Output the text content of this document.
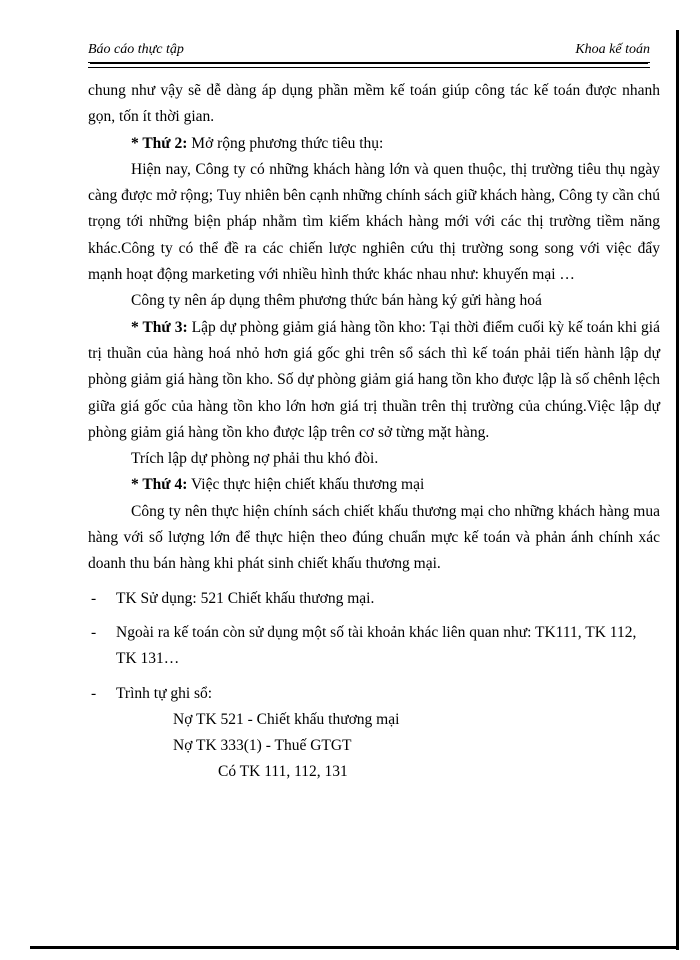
Báo cáo thực tập	Khoa kế toán

chung như vậy sẽ dễ dàng áp dụng phần mềm kế toán giúp công tác kế toán được nhanh gọn, tốn ít thời gian.

* Thứ 2: Mở rộng phương thức tiêu thụ:

Hiện nay, Công ty có những khách hàng lớn và quen thuộc, thị trường tiêu thụ ngày càng được mở rộng; Tuy nhiên bên cạnh những chính sách giữ khách hàng, Công ty cần chú trọng tới những biện pháp nhằm tìm kiếm khách hàng mới với các thị trường tiềm năng khác.Công ty có thể đề ra các chiến lược nghiên cứu thị trường song song với việc đẩy mạnh hoạt động marketing với nhiều hình thức khác nhau như: khuyến mại …

Công ty nên áp dụng thêm phương thức bán hàng ký gửi hàng hoá

* Thứ 3: Lập dự phòng giảm giá hàng tồn kho: Tại thời điểm cuối kỳ kế toán khi giá trị thuần của hàng hoá nhỏ hơn giá gốc ghi trên sổ sách thì kế toán phải tiến hành lập dự phòng giảm giá hàng tồn kho. Số dự phòng giảm giá hang tồn kho được lập là số chênh lệch giữa giá gốc của hàng tồn kho lớn hơn giá trị thuần trên thị trường của chúng.Việc lập dự phòng giảm giá hàng tồn kho được lập trên cơ sở từng mặt hàng.

Trích lập dự phòng nợ phải thu khó đòi.

* Thứ 4: Việc thực hiện chiết khấu thương mại

Công ty nên thực hiện chính sách chiết khấu thương mại cho những khách hàng mua hàng với số lượng lớn để thực hiện theo đúng chuẩn mực kế toán và phản ánh chính xác doanh thu bán hàng khi phát sinh chiết khấu thương mại.

- TK Sử dụng: 521 Chiết khấu thương mại.

- Ngoài ra kế toán còn sử dụng một số tài khoản khác liên quan như: TK111, TK 112, TK 131…

- Trình tự ghi sổ:

Nợ TK 521 - Chiết khấu thương mại

Nợ TK 333(1) - Thuế GTGT

Có TK 111, 112, 131
